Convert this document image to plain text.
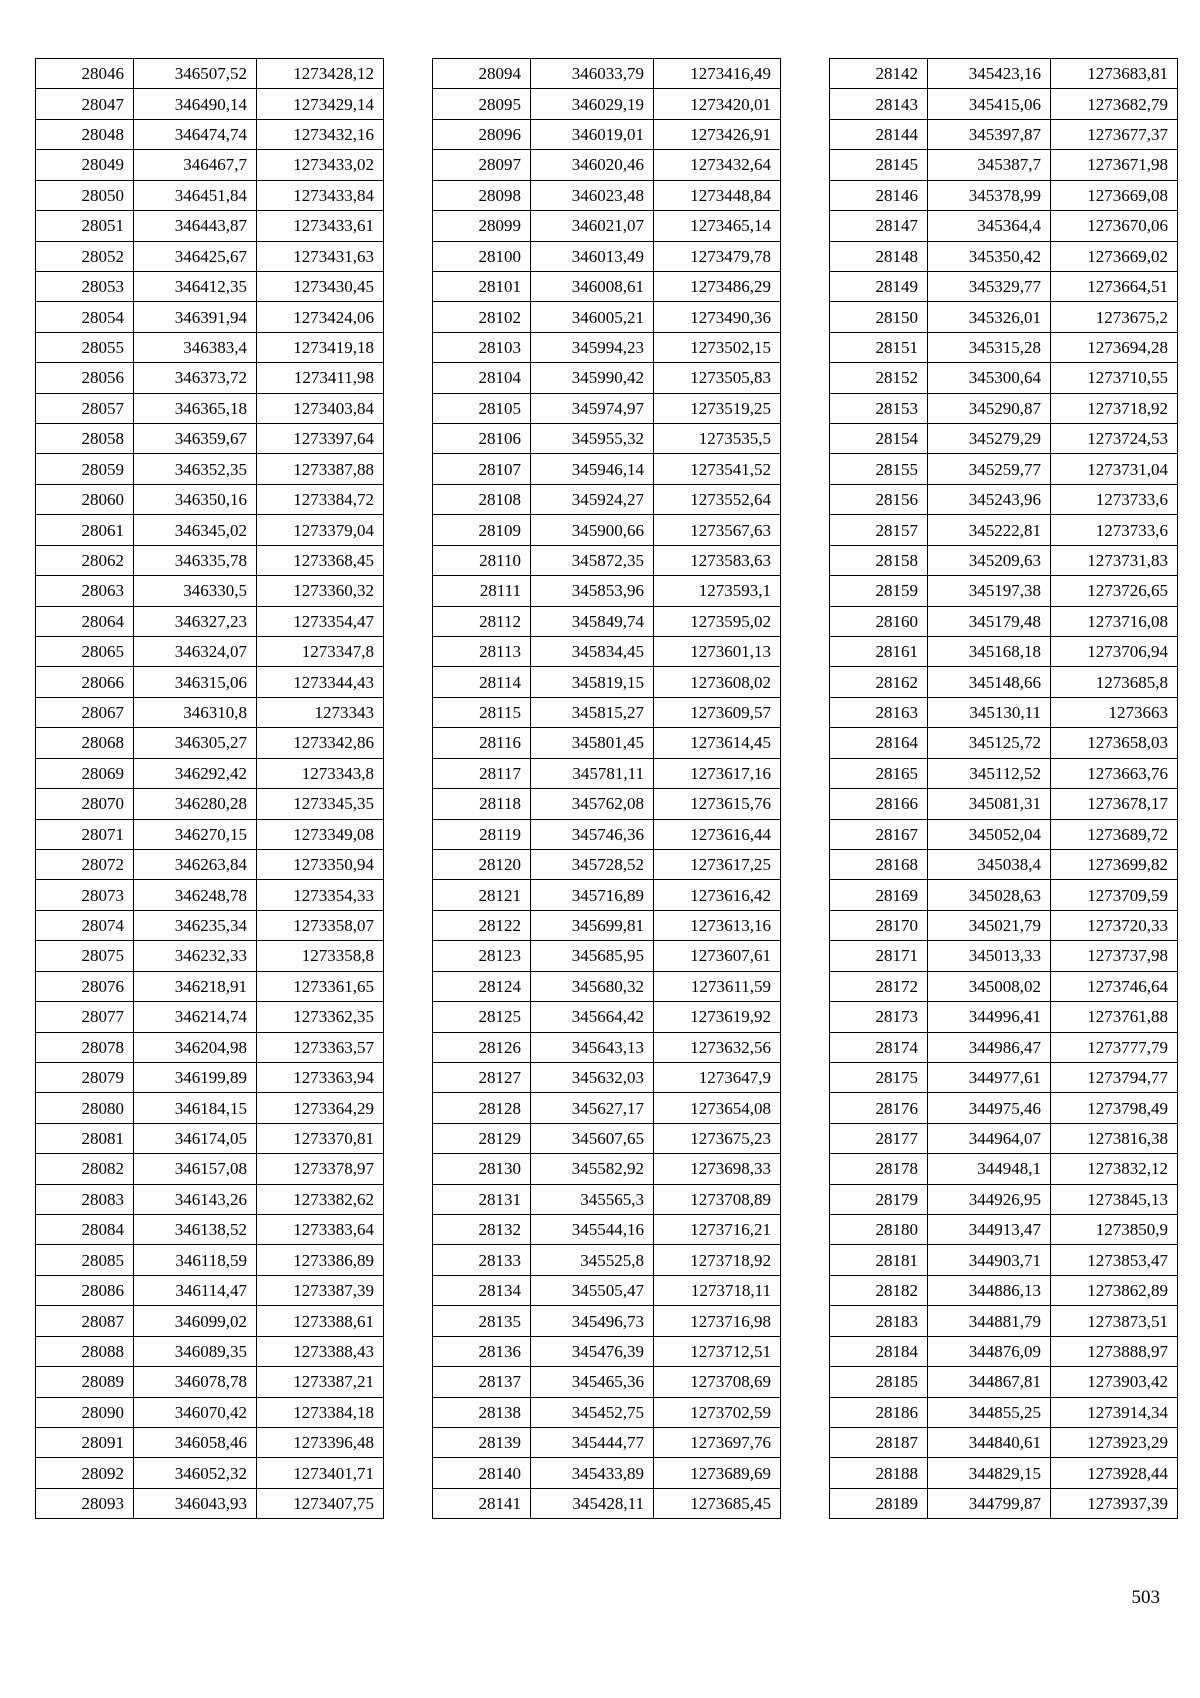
28046	346507,52	1273428,12
28047	346490,14	1273429,14
28048	346474,74	1273432,16
28049	346467,7	1273433,02
28050	346451,84	1273433,84
28051	346443,87	1273433,61
28052	346425,67	1273431,63
28053	346412,35	1273430,45
28054	346391,94	1273424,06
28055	346383,4	1273419,18
28056	346373,72	1273411,98
28057	346365,18	1273403,84
28058	346359,67	1273397,64
28059	346352,35	1273387,88
28060	346350,16	1273384,72
28061	346345,02	1273379,04
28062	346335,78	1273368,45
28063	346330,5	1273360,32
28064	346327,23	1273354,47
28065	346324,07	1273347,8
28066	346315,06	1273344,43
28067	346310,8	1273343
28068	346305,27	1273342,86
28069	346292,42	1273343,8
28070	346280,28	1273345,35
28071	346270,15	1273349,08
28072	346263,84	1273350,94
28073	346248,78	1273354,33
28074	346235,34	1273358,07
28075	346232,33	1273358,8
28076	346218,91	1273361,65
28077	346214,74	1273362,35
28078	346204,98	1273363,57
28079	346199,89	1273363,94
28080	346184,15	1273364,29
28081	346174,05	1273370,81
28082	346157,08	1273378,97
28083	346143,26	1273382,62
28084	346138,52	1273383,64
28085	346118,59	1273386,89
28086	346114,47	1273387,39
28087	346099,02	1273388,61
28088	346089,35	1273388,43
28089	346078,78	1273387,21
28090	346070,42	1273384,18
28091	346058,46	1273396,48
28092	346052,32	1273401,71
28093	346043,93	1273407,75
28094	346033,79	1273416,49
28095	346029,19	1273420,01
28096	346019,01	1273426,91
28097	346020,46	1273432,64
28098	346023,48	1273448,84
28099	346021,07	1273465,14
28100	346013,49	1273479,78
28101	346008,61	1273486,29
28102	346005,21	1273490,36
28103	345994,23	1273502,15
28104	345990,42	1273505,83
28105	345974,97	1273519,25
28106	345955,32	1273535,5
28107	345946,14	1273541,52
28108	345924,27	1273552,64
28109	345900,66	1273567,63
28110	345872,35	1273583,63
28111	345853,96	1273593,1
28112	345849,74	1273595,02
28113	345834,45	1273601,13
28114	345819,15	1273608,02
28115	345815,27	1273609,57
28116	345801,45	1273614,45
28117	345781,11	1273617,16
28118	345762,08	1273615,76
28119	345746,36	1273616,44
28120	345728,52	1273617,25
28121	345716,89	1273616,42
28122	345699,81	1273613,16
28123	345685,95	1273607,61
28124	345680,32	1273611,59
28125	345664,42	1273619,92
28126	345643,13	1273632,56
28127	345632,03	1273647,9
28128	345627,17	1273654,08
28129	345607,65	1273675,23
28130	345582,92	1273698,33
28131	345565,3	1273708,89
28132	345544,16	1273716,21
28133	345525,8	1273718,92
28134	345505,47	1273718,11
28135	345496,73	1273716,98
28136	345476,39	1273712,51
28137	345465,36	1273708,69
28138	345452,75	1273702,59
28139	345444,77	1273697,76
28140	345433,89	1273689,69
28141	345428,11	1273685,45
28142	345423,16	1273683,81
28143	345415,06	1273682,79
28144	345397,87	1273677,37
28145	345387,7	1273671,98
28146	345378,99	1273669,08
28147	345364,4	1273670,06
28148	345350,42	1273669,02
28149	345329,77	1273664,51
28150	345326,01	1273675,2
28151	345315,28	1273694,28
28152	345300,64	1273710,55
28153	345290,87	1273718,92
28154	345279,29	1273724,53
28155	345259,77	1273731,04
28156	345243,96	1273733,6
28157	345222,81	1273733,6
28158	345209,63	1273731,83
28159	345197,38	1273726,65
28160	345179,48	1273716,08
28161	345168,18	1273706,94
28162	345148,66	1273685,8
28163	345130,11	1273663
28164	345125,72	1273658,03
28165	345112,52	1273663,76
28166	345081,31	1273678,17
28167	345052,04	1273689,72
28168	345038,4	1273699,82
28169	345028,63	1273709,59
28170	345021,79	1273720,33
28171	345013,33	1273737,98
28172	345008,02	1273746,64
28173	344996,41	1273761,88
28174	344986,47	1273777,79
28175	344977,61	1273794,77
28176	344975,46	1273798,49
28177	344964,07	1273816,38
28178	344948,1	1273832,12
28179	344926,95	1273845,13
28180	344913,47	1273850,9
28181	344903,71	1273853,47
28182	344886,13	1273862,89
28183	344881,79	1273873,51
28184	344876,09	1273888,97
28185	344867,81	1273903,42
28186	344855,25	1273914,34
28187	344840,61	1273923,29
28188	344829,15	1273928,44
28189	344799,87	1273937,39
503
